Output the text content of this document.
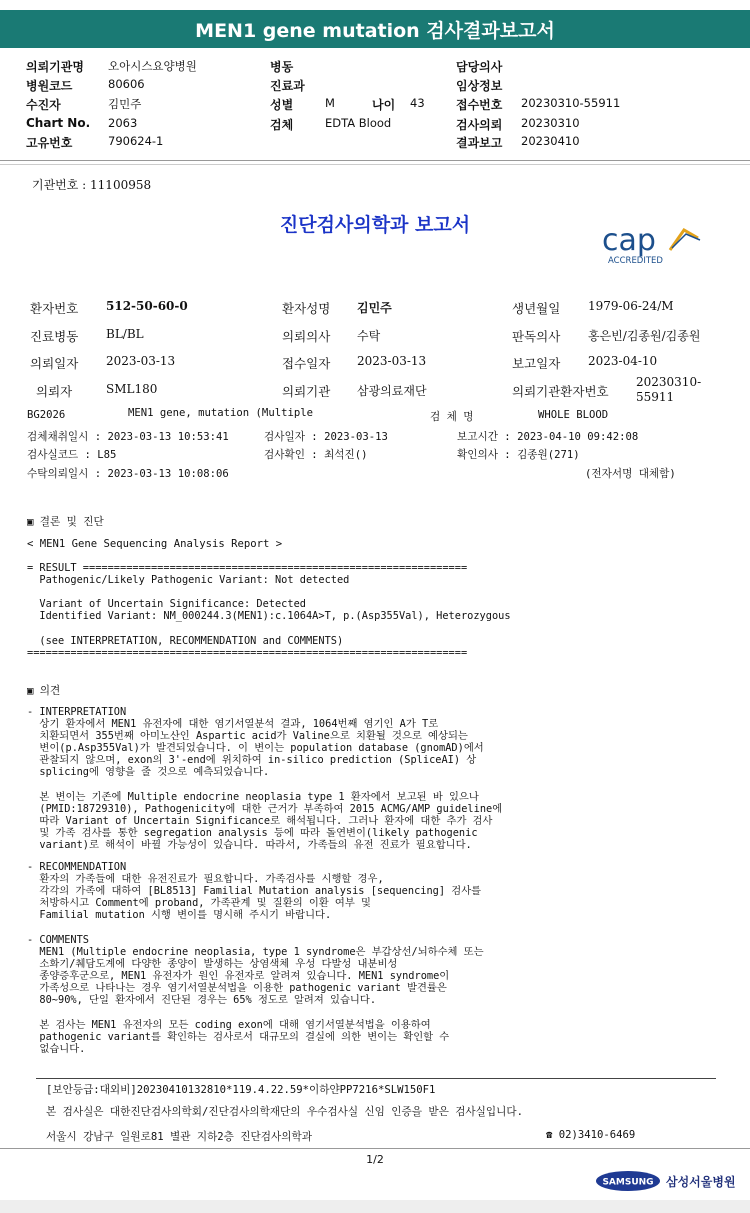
MEN1 gene mutation 검사결과보고서
의뢰기관명 오아시스요양병원
병원코드	80606
수진자	김민주
Chart No. 2063
고유번호	790624-1
병동
진료과
성별	M	나이 43
검체	EDTA Blood
담당의사
임상정보
접수번호 20230310-55911
검사의뢰 20230310
결과보고 20230410
기관번호 : 11100958
진단검사의학과 보고서	cap
ACCREDITED
환자번호 512-50-60-0	환자성명 김민주	생년월일 1979-06-24/M
진료병동 BL/BL	의뢰의사 수탁	판독의사 홍은빈/김종원/김종원
의뢰일자 2023-03-13	접수일자 2023-03-13	보고일자 2023-04-10
의뢰자	SML180	의뢰기관 삼광의료재단	의뢰기관환자번호
20230310-
55911
BG2026	MEN1 gene, mutation (Multiple	검 체 명	WHOLE BLOOD
검체채취일시 : 2023-03-13 10:53:41	검사일자 : 2023-03-13	보고시간 : 2023-04-10 09:42:08
검사실코드 : L85	검사확인 : 최석진()	확인의사 : 김종원(271)
수탁의뢰일시 : 2023-03-13 10:08:06	(전자서명 대체함)
▣ 결론 및 진단
< MEN1 Gene Sequencing Analysis Report >
= RESULT ==============================================================
Pathogenic/Likely Pathogenic Variant: Not detected

Variant of Uncertain Significance: Detected
Identified Variant: NM_000244.3(MEN1):c.1064A>T, p.(Asp355Val), Heterozygous

(see INTERPRETATION, RECOMMENDATION and COMMENTS)
=======================================================================
▣ 의견
- INTERPRETATION
상기 환자에서 MEN1 유전자에 대한 염기서열분석 결과, 1064번째 염기인 A가 T로
치환되면서 355번째 아미노산인 Aspartic acid가 Valine으로 치환될 것으로 예상되는
변이(p.Asp355Val)가 발견되었습니다. 이 변이는 population database (gnomAD)에서
관찰되지 않으며, exon의 3'-end에 위치하여 in-silico prediction (SpliceAI) 상
splicing에 영향을 줄 것으로 예측되었습니다.

본 변이는 기존에 Multiple endocrine neoplasia type 1 환자에서 보고된 바 있으나
(PMID:18729310), Pathogenicity에 대한 근거가 부족하여 2015 ACMG/AMP guideline에
따라 Variant of Uncertain Significance로 해석됩니다. 그러나 환자에 대한 추가 검사
및 가족 검사를 통한 segregation analysis 등에 따라 돌연변이(likely pathogenic
variant)로 해석이 바뀔 가능성이 있습니다. 따라서, 가족들의 유전 진료가 필요합니다.
- RECOMMENDATION
환자의 가족들에 대한 유전진료가 필요합니다. 가족검사를 시행할 경우,
각각의 가족에 대하여 [BL8513] Familial Mutation analysis [sequencing] 검사를
처방하시고 Comment에 proband, 가족관계 및 질환의 이환 여부 및
Familial mutation 시행 변이를 명시해 주시기 바랍니다.
- COMMENTS
MEN1 (Multiple endocrine neoplasia, type 1 syndrome은 부갑상선/뇌하수체 또는
소화기/췌담도계에 다양한 종양이 발생하는 상염색체 우성 다발성 내분비성
종양증후군으로, MEN1 유전자가 원인 유전자로 알려져 있습니다. MEN1 syndrome이
가족성으로 나타나는 경우 염기서열분석법을 이용한 pathogenic variant 발견률은
80~90%, 단일 환자에서 진단된 경우는 65% 정도로 알려져 있습니다.

본 검사는 MEN1 유전자의 모든 coding exon에 대해 염기서열분석법을 이용하여
pathogenic variant를 확인하는 검사로서 대규모의 결실에 의한 변이는 확인할 수
없습니다.
[보안등급:대외비]20230410132810*119.4.22.59*이하얀PP7216*SLW150F1
본 검사실은 대한진단검사의학회/진단검사의학재단의 우수검사실 신임 인증을 받은 검사실입니다.
서울시 강남구 일원로81 별관 지하2층 진단검사의학과	☎ 02)3410-6469
1/2
SAMSUNG 삼성서울병원
